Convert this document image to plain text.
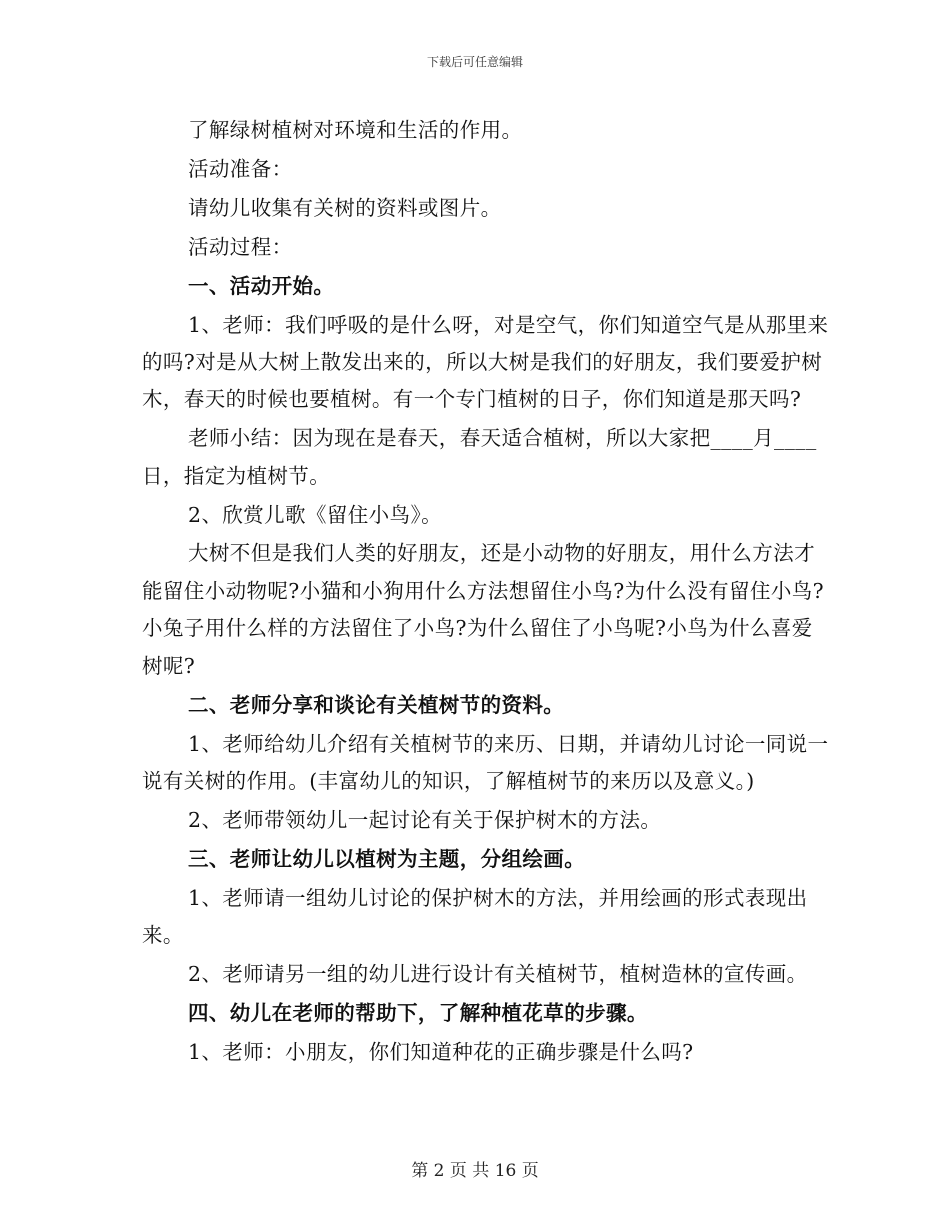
下载后可任意编辑

了解绿树植树对环境和生活的作用。

活动准备：

请幼儿收集有关树的资料或图片。

活动过程：

一、活动开始。

1、老师：我们呼吸的是什么呀，对是空气，你们知道空气是从那里来的吗?对是从大树上散发出来的，所以大树是我们的好朋友，我们要爱护树木，春天的时候也要植树。有一个专门植树的日子，你们知道是那天吗?

老师小结：因为现在是春天，春天适合植树，所以大家把____月____日，指定为植树节。

2、欣赏儿歌《留住小鸟》。

大树不但是我们人类的好朋友，还是小动物的好朋友，用什么方法才能留住小动物呢?小猫和小狗用什么方法想留住小鸟?为什么没有留住小鸟?小兔子用什么样的方法留住了小鸟?为什么留住了小鸟呢?小鸟为什么喜爱树呢?

二、老师分享和谈论有关植树节的资料。

1、老师给幼儿介绍有关植树节的来历、日期，并请幼儿讨论一同说一说有关树的作用。(丰富幼儿的知识，了解植树节的来历以及意义。)

2、老师带领幼儿一起讨论有关于保护树木的方法。

三、老师让幼儿以植树为主题，分组绘画。

1、老师请一组幼儿讨论的保护树木的方法，并用绘画的形式表现出来。

2、老师请另一组的幼儿进行设计有关植树节，植树造林的宣传画。

四、幼儿在老师的帮助下，了解种植花草的步骤。

1、老师：小朋友，你们知道种花的正确步骤是什么吗?

第 2 页 共 16 页
